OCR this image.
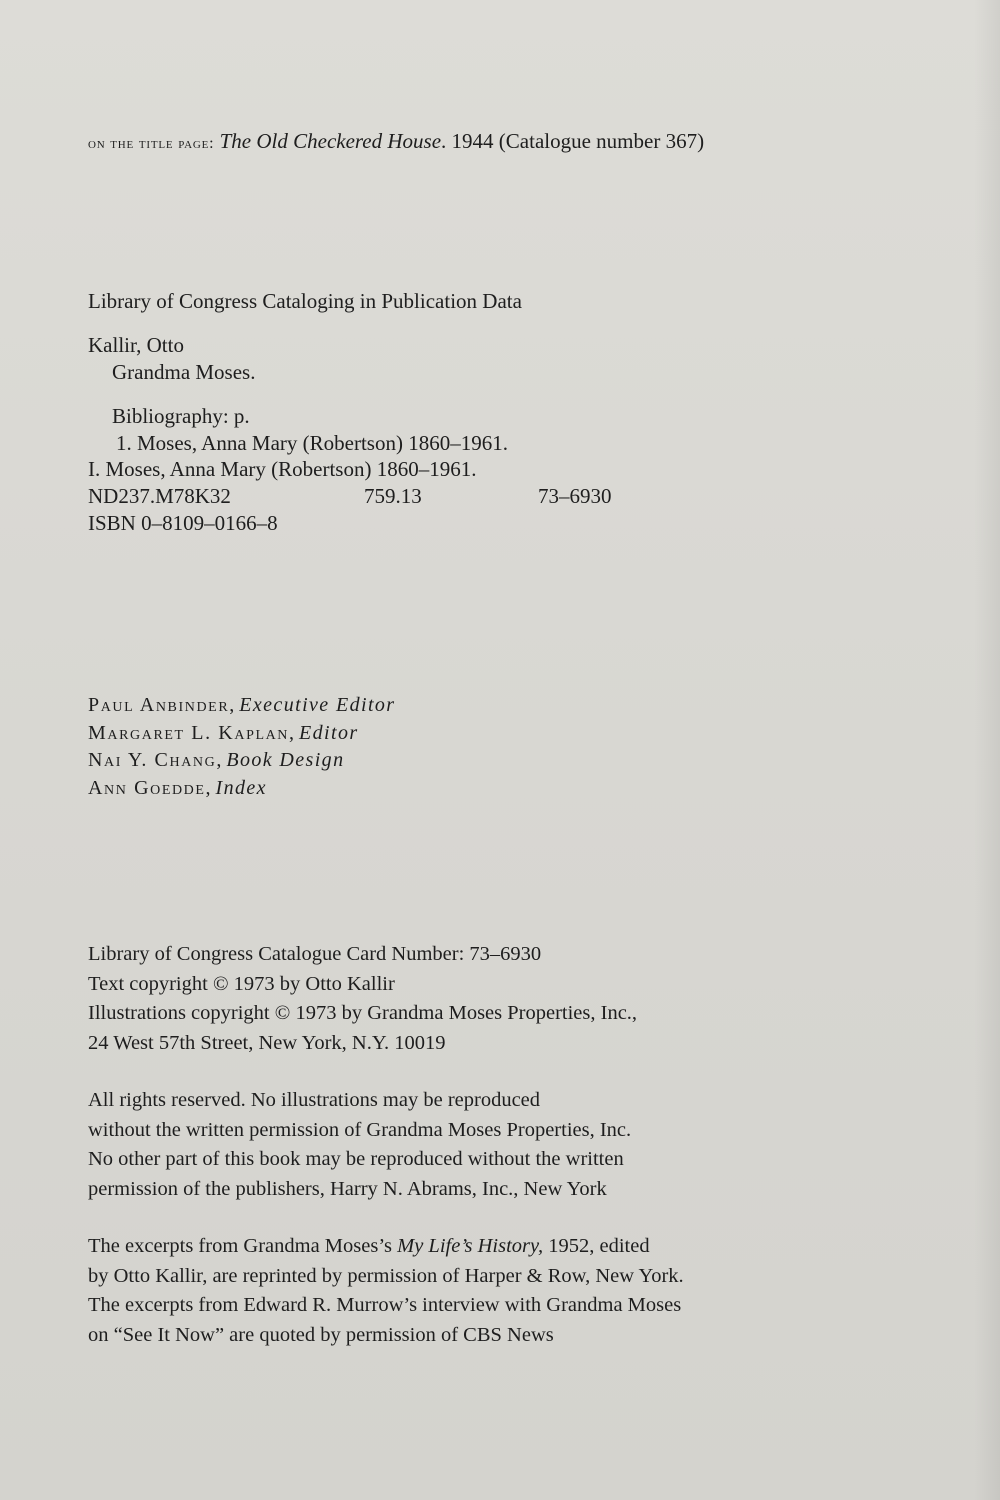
on the title page: The Old Checkered House. 1944 (Catalogue number 367)
Library of Congress Cataloging in Publication Data
Kallir, Otto
Grandma Moses.
Bibliography: p.
1. Moses, Anna Mary (Robertson) 1860–1961.
I. Moses, Anna Mary (Robertson) 1860–1961.
ND237.M78K32	759.13	73–6930
ISBN 0–8109–0166–8
Paul Anbinder, Executive Editor
Margaret L. Kaplan, Editor
Nai Y. Chang, Book Design
Ann Goedde, Index
Library of Congress Catalogue Card Number: 73–6930
Text copyright © 1973 by Otto Kallir
Illustrations copyright © 1973 by Grandma Moses Properties, Inc.,
24 West 57th Street, New York, N.Y. 10019
All rights reserved. No illustrations may be reproduced
without the written permission of Grandma Moses Properties, Inc.
No other part of this book may be reproduced without the written
permission of the publishers, Harry N. Abrams, Inc., New York
The excerpts from Grandma Moses’s My Life’s History, 1952, edited
by Otto Kallir, are reprinted by permission of Harper & Row, New York.
The excerpts from Edward R. Murrow’s interview with Grandma Moses
on “See It Now” are quoted by permission of CBS News
